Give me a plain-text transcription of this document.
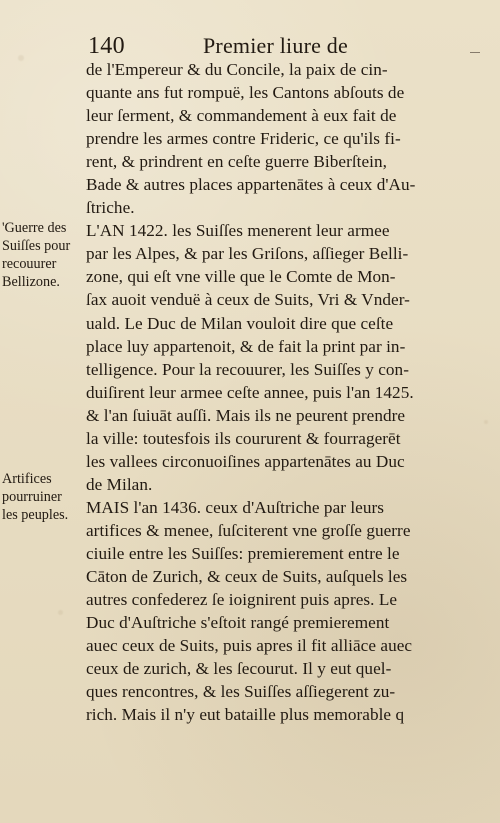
140	Premier liure de
'Guerre des
Suiſſes pour
recouurer
Bellizone.
Artifices
pourruiner
les peuples.
de l'Empereur & du Concile, la paix de cin-
quante ans fut rompuë, les Cantons abſouts de
leur ſerment, & commandement à eux fait de
prendre les armes contre Frideric, ce qu'ils fi-
rent, & prindrent en ceſte guerre Biberſtein,
Bade & autres places appartenātes à ceux d'Au-
ſtriche.
L'AN 1422. les Suiſſes menerent leur armee
par les Alpes, & par les Griſons, aſſieger Belli-
zone, qui eſt vne ville que le Comte de Mon-
ſax auoit venduë à ceux de Suits, Vri & Vnder-
uald. Le Duc de Milan vouloit dire que ceſte
place luy appartenoit, & de fait la print par in-
telligence. Pour la recouurer, les Suiſſes y con-
duiſirent leur armee ceſte annee, puis l'an 1425.
& l'an ſuiuāt auſſi. Mais ils ne peurent prendre
la ville: toutesfois ils coururent & fourragerēt
les vallees circonuoiſines appartenātes au Duc
de Milan.
MAIS l'an 1436. ceux d'Auſtriche par leurs
artifices & menee, ſuſciterent vne groſſe guerre
ciuile entre les Suiſſes: premierement entre le
Cāton de Zurich, & ceux de Suits, auſquels les
autres confederez ſe ioignirent puis apres. Le
Duc d'Auſtriche s'eſtoit rangé premierement
auec ceux de Suits, puis apres il fit alliāce auec
ceux de zurich, & les ſecourut. Il y eut quel-
ques rencontres, & les Suiſſes aſſiegerent zu-
rich. Mais il n'y eut bataille plus memorable q
